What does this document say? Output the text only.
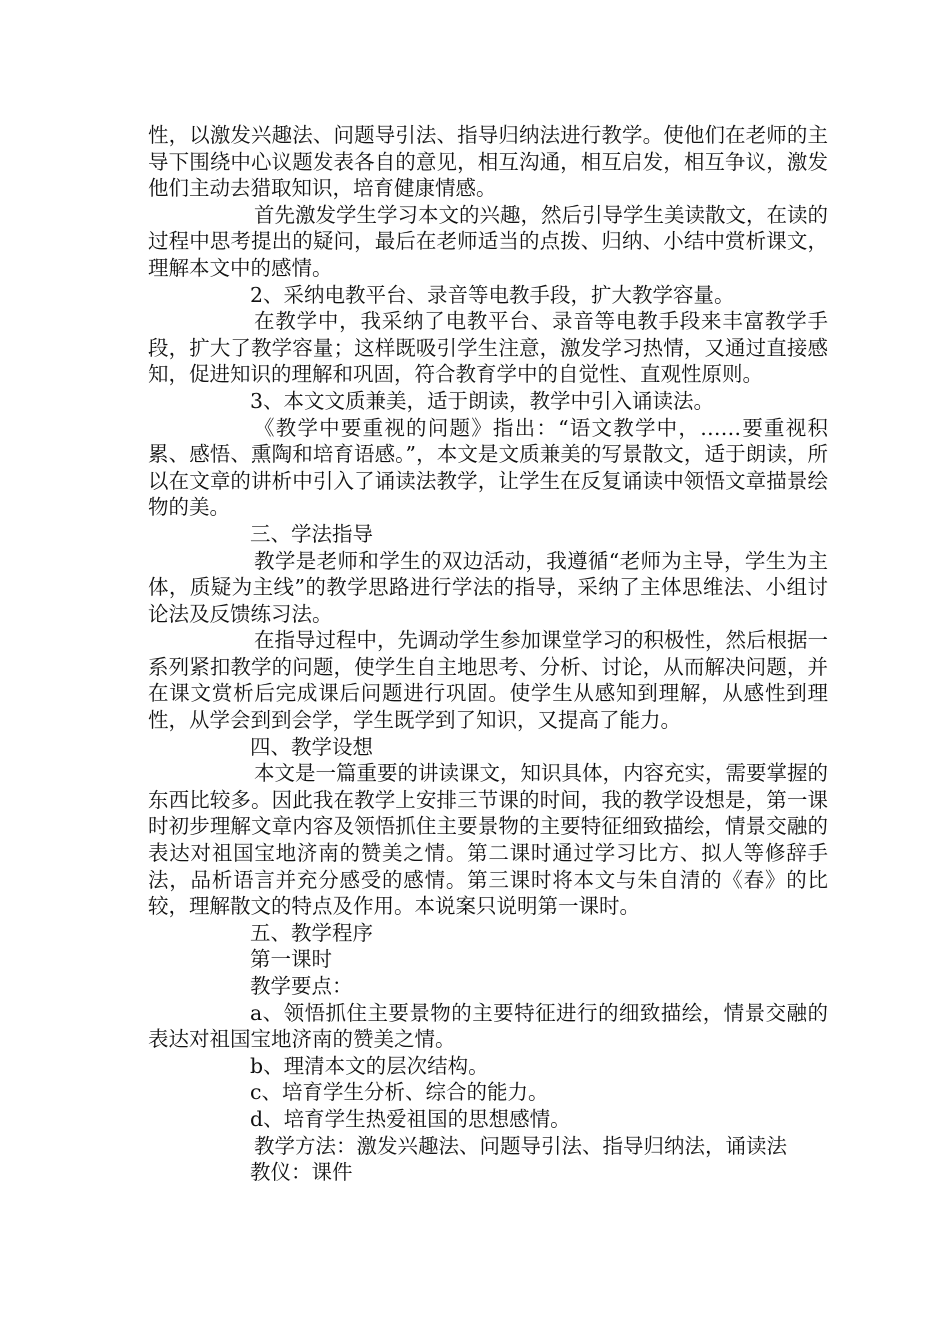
性，以激发兴趣法、问题导引法、指导归纳法进行教学。使他们在老师的主导下围绕中心议题发表各自的意见，相互沟通，相互启发，相互争议，激发他们主动去猎取知识，培育健康情感。

首先激发学生学习本文的兴趣，然后引导学生美读散文，在读的过程中思考提出的疑问，最后在老师适当的点拨、归纳、小结中赏析课文，理解本文中的感情。

2、采纳电教平台、录音等电教手段，扩大教学容量。

在教学中，我采纳了电教平台、录音等电教手段来丰富教学手段，扩大了教学容量；这样既吸引学生注意，激发学习热情，又通过直接感知，促进知识的理解和巩固，符合教育学中的自觉性、直观性原则。

3、本文文质兼美，适于朗读，教学中引入诵读法。

《教学中要重视的问题》指出：“语文教学中，……要重视积累、感悟、熏陶和培育语感。”，本文是文质兼美的写景散文，适于朗读，所以在文章的讲析中引入了诵读法教学，让学生在反复诵读中领悟文章描景绘物的美。

三、学法指导

教学是老师和学生的双边活动，我遵循“老师为主导，学生为主体，质疑为主线”的教学思路进行学法的指导，采纳了主体思维法、小组讨论法及反馈练习法。

在指导过程中，先调动学生参加课堂学习的积极性，然后根据一系列紧扣教学的问题，使学生自主地思考、分析、讨论，从而解决问题，并在课文赏析后完成课后问题进行巩固。使学生从感知到理解，从感性到理性，从学会到到会学，学生既学到了知识，又提高了能力。

四、教学设想

本文是一篇重要的讲读课文，知识具体，内容充实，需要掌握的东西比较多。因此我在教学上安排三节课的时间，我的教学设想是，第一课时初步理解文章内容及领悟抓住主要景物的主要特征细致描绘，情景交融的表达对祖国宝地济南的赞美之情。第二课时通过学习比方、拟人等修辞手法，品析语言并充分感受的感情。第三课时将本文与朱自清的《春》的比较，理解散文的特点及作用。本说案只说明第一课时。

五、教学程序

第一课时

教学要点：

a、领悟抓住主要景物的主要特征进行的细致描绘，情景交融的表达对祖国宝地济南的赞美之情。

b、理清本文的层次结构。

c、培育学生分析、综合的能力。

d、培育学生热爱祖国的思想感情。

教学方法：激发兴趣法、问题导引法、指导归纳法，诵读法

教仪：课件
